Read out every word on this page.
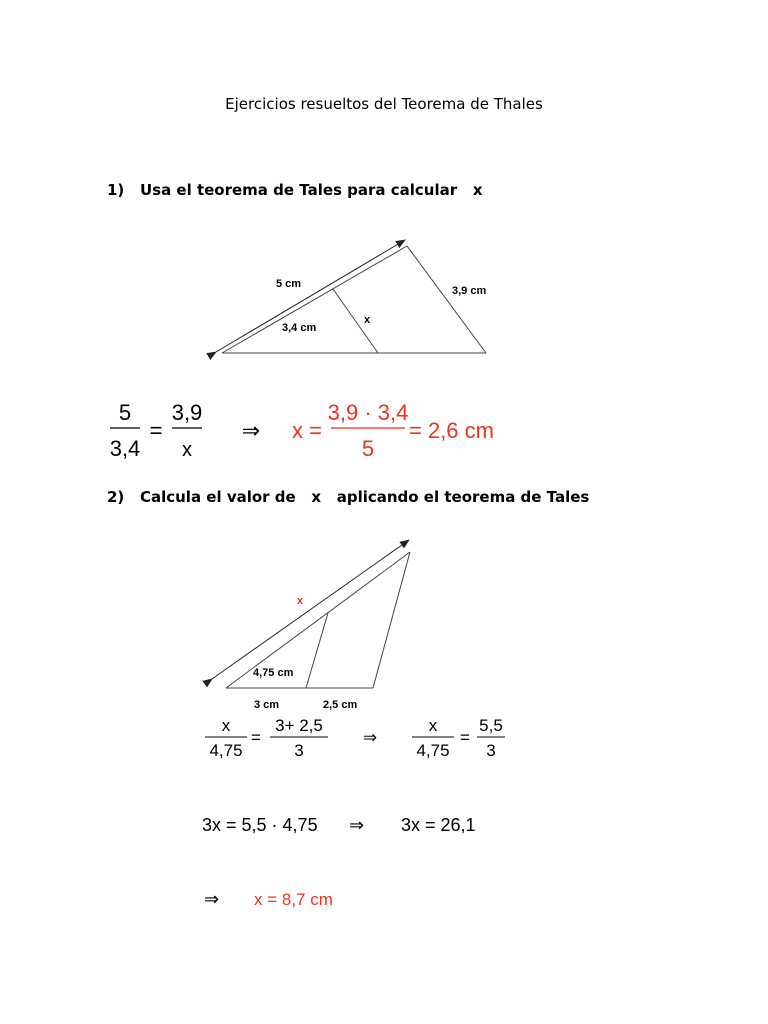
Ejercicios resueltos del Teorema de Thales
1)   Usa el teorema de Tales para calcular   x
5 cm
3,4 cm
x
3,9 cm
x
4,75 cm
3 cm	2,5 cm
5
3,4
=
3,9
x
⇒ x =
3,9 · 3,4
5
= 2,6 cm
x
4,75
=
3+ 2,5
3
⇒
x
4,75
=
5,5
3
3x = 5,5 · 4,75 ⇒ 3x = 26,1
⇒ x = 8,7 cm
2)   Calcula el valor de   x   aplicando el teorema de Tales
